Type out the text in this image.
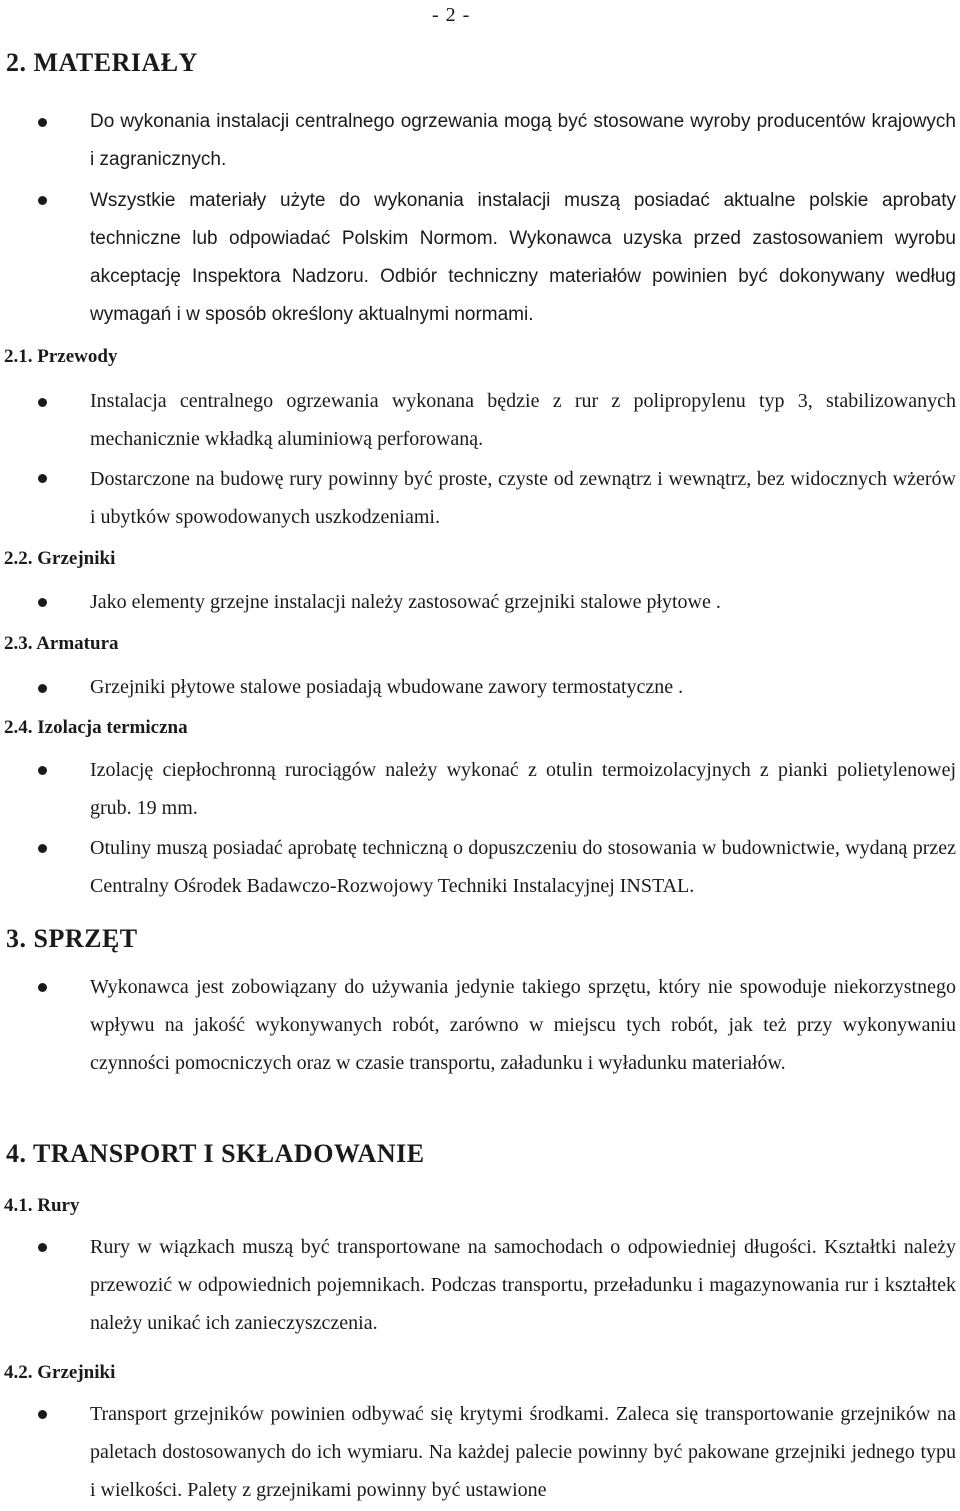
- 2 -
2. MATERIAŁY
Do wykonania instalacji centralnego ogrzewania mogą być stosowane wyroby producentów krajowych i zagranicznych.
Wszystkie materiały użyte do wykonania instalacji muszą posiadać aktualne polskie aprobaty techniczne lub odpowiadać Polskim Normom. Wykonawca uzyska przed zastosowaniem wyrobu akceptację Inspektora Nadzoru. Odbiór techniczny materiałów powinien być dokonywany według wymagań i w sposób określony aktualnymi normami.
2.1. Przewody
Instalacja centralnego ogrzewania wykonana będzie z rur z polipropylenu typ 3, stabilizowanych mechanicznie wkładką aluminiową perforowaną.
Dostarczone na budowę rury powinny być proste, czyste od zewnątrz i wewnątrz, bez widocznych wżerów i ubytków spowodowanych uszkodzeniami.
2.2. Grzejniki
Jako elementy grzejne instalacji należy zastosować grzejniki stalowe płytowe .
2.3. Armatura
Grzejniki płytowe stalowe posiadają wbudowane zawory termostatyczne .
2.4. Izolacja termiczna
Izolację ciepłochronną rurociągów należy wykonać z otulin termoizolacyjnych z pianki polietylenowej grub. 19 mm.
Otuliny muszą posiadać aprobatę techniczną o dopuszczeniu do stosowania w budownictwie, wydaną przez Centralny Ośrodek Badawczo-Rozwojowy Techniki Instalacyjnej INSTAL.
3. SPRZĘT
Wykonawca jest zobowiązany do używania jedynie takiego sprzętu, który nie spowoduje niekorzystnego wpływu na jakość wykonywanych robót, zarówno w miejscu tych robót, jak też przy wykonywaniu czynności pomocniczych oraz w czasie transportu, załadunku i wyładunku materiałów.
4. TRANSPORT I SKŁADOWANIE
4.1. Rury
Rury w wiązkach muszą być transportowane na samochodach o odpowiedniej długości. Kształtki należy przewozić w odpowiednich pojemnikach. Podczas transportu, przeładunku i magazynowania rur i kształtek należy unikać ich zanieczyszczenia.
4.2. Grzejniki
Transport grzejników powinien odbywać się krytymi środkami. Zaleca się transportowanie grzejników na paletach dostosowanych do ich wymiaru. Na każdej palecie powinny być pakowane grzejniki jednego typu i wielkości. Palety z grzejnikami powinny być ustawione
